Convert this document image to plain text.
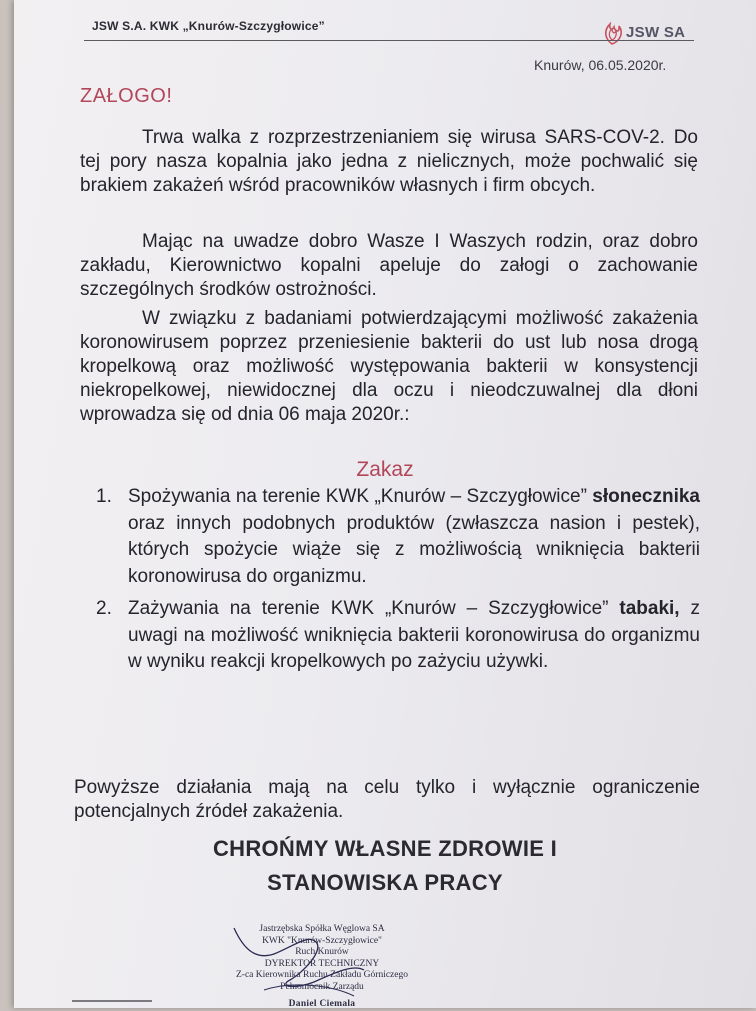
JSW S.A. KWK „Knurów-Szczygłowice”	JSW SA
Knurów, 06.05.2020r.
ZAŁOGO!
Trwa walka z rozprzestrzenianiem się wirusa SARS-COV-2. Do tej pory nasza kopalnia jako jedna z nielicznych, może pochwalić się brakiem zakażeń wśród pracowników własnych i firm obcych.
Mając na uwadze dobro Wasze I Waszych rodzin, oraz dobro zakładu, Kierownictwo kopalni apeluje do załogi o zachowanie szczególnych środków ostrożności.
W związku z badaniami potwierdzającymi możliwość zakażenia koronowirusem poprzez przeniesienie bakterii do ust lub nosa drogą kropelkową oraz możliwość występowania bakterii w konsystencji niekropelkowej, niewidocznej dla oczu i nieodczuwalnej dla dłoni wprowadza się od dnia 06 maja 2020r.:
Zakaz
1. Spożywania na terenie KWK „Knurów – Szczygłowice” słonecznika oraz innych podobnych produktów (zwłaszcza nasion i pestek), których spożycie wiąże się z możliwością wniknięcia bakterii koronowirusa do organizmu.
2. Zażywania na terenie KWK „Knurów – Szczygłowice” tabaki, z uwagi na możliwość wniknięcia bakterii koronowirusa do organizmu w wyniku reakcji kropelkowych po zażyciu używki.
Powyższe działania mają na celu tylko i wyłącznie ograniczenie potencjalnych źródeł zakażenia.
CHROŃMY WŁASNE ZDROWIE I
STANOWISKA PRACY
Jastrzębska Spółka Węglowa SA
KWK "Knurów-Szczygłowice"
Ruch Knurów
DYREKTOR TECHNICZNY
Z-ca Kierownika Ruchu Zakładu Górniczego
Pełnomocnik Zarządu
Daniel Ciemala
